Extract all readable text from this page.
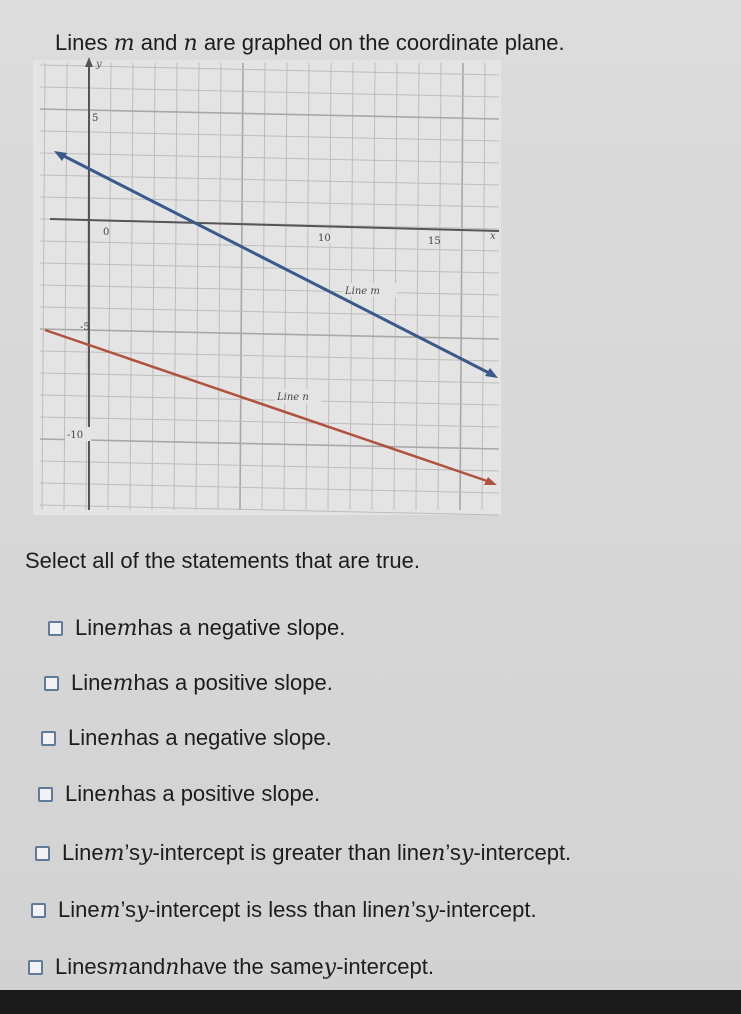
Lines m and n are graphed on the coordinate plane.
y
x
10	15
5
0
-5
-10
Line m
Line n
Select all of the statements that are true.
Line m has a negative slope.
Line m has a positive slope.
Line n has a negative slope.
Line n has a positive slope.
Line m ’s y -intercept is greater than line n ’s y -intercept.
Line m ’s y -intercept is less than line n ’s y -intercept.
Lines m and n have the same y -intercept.
